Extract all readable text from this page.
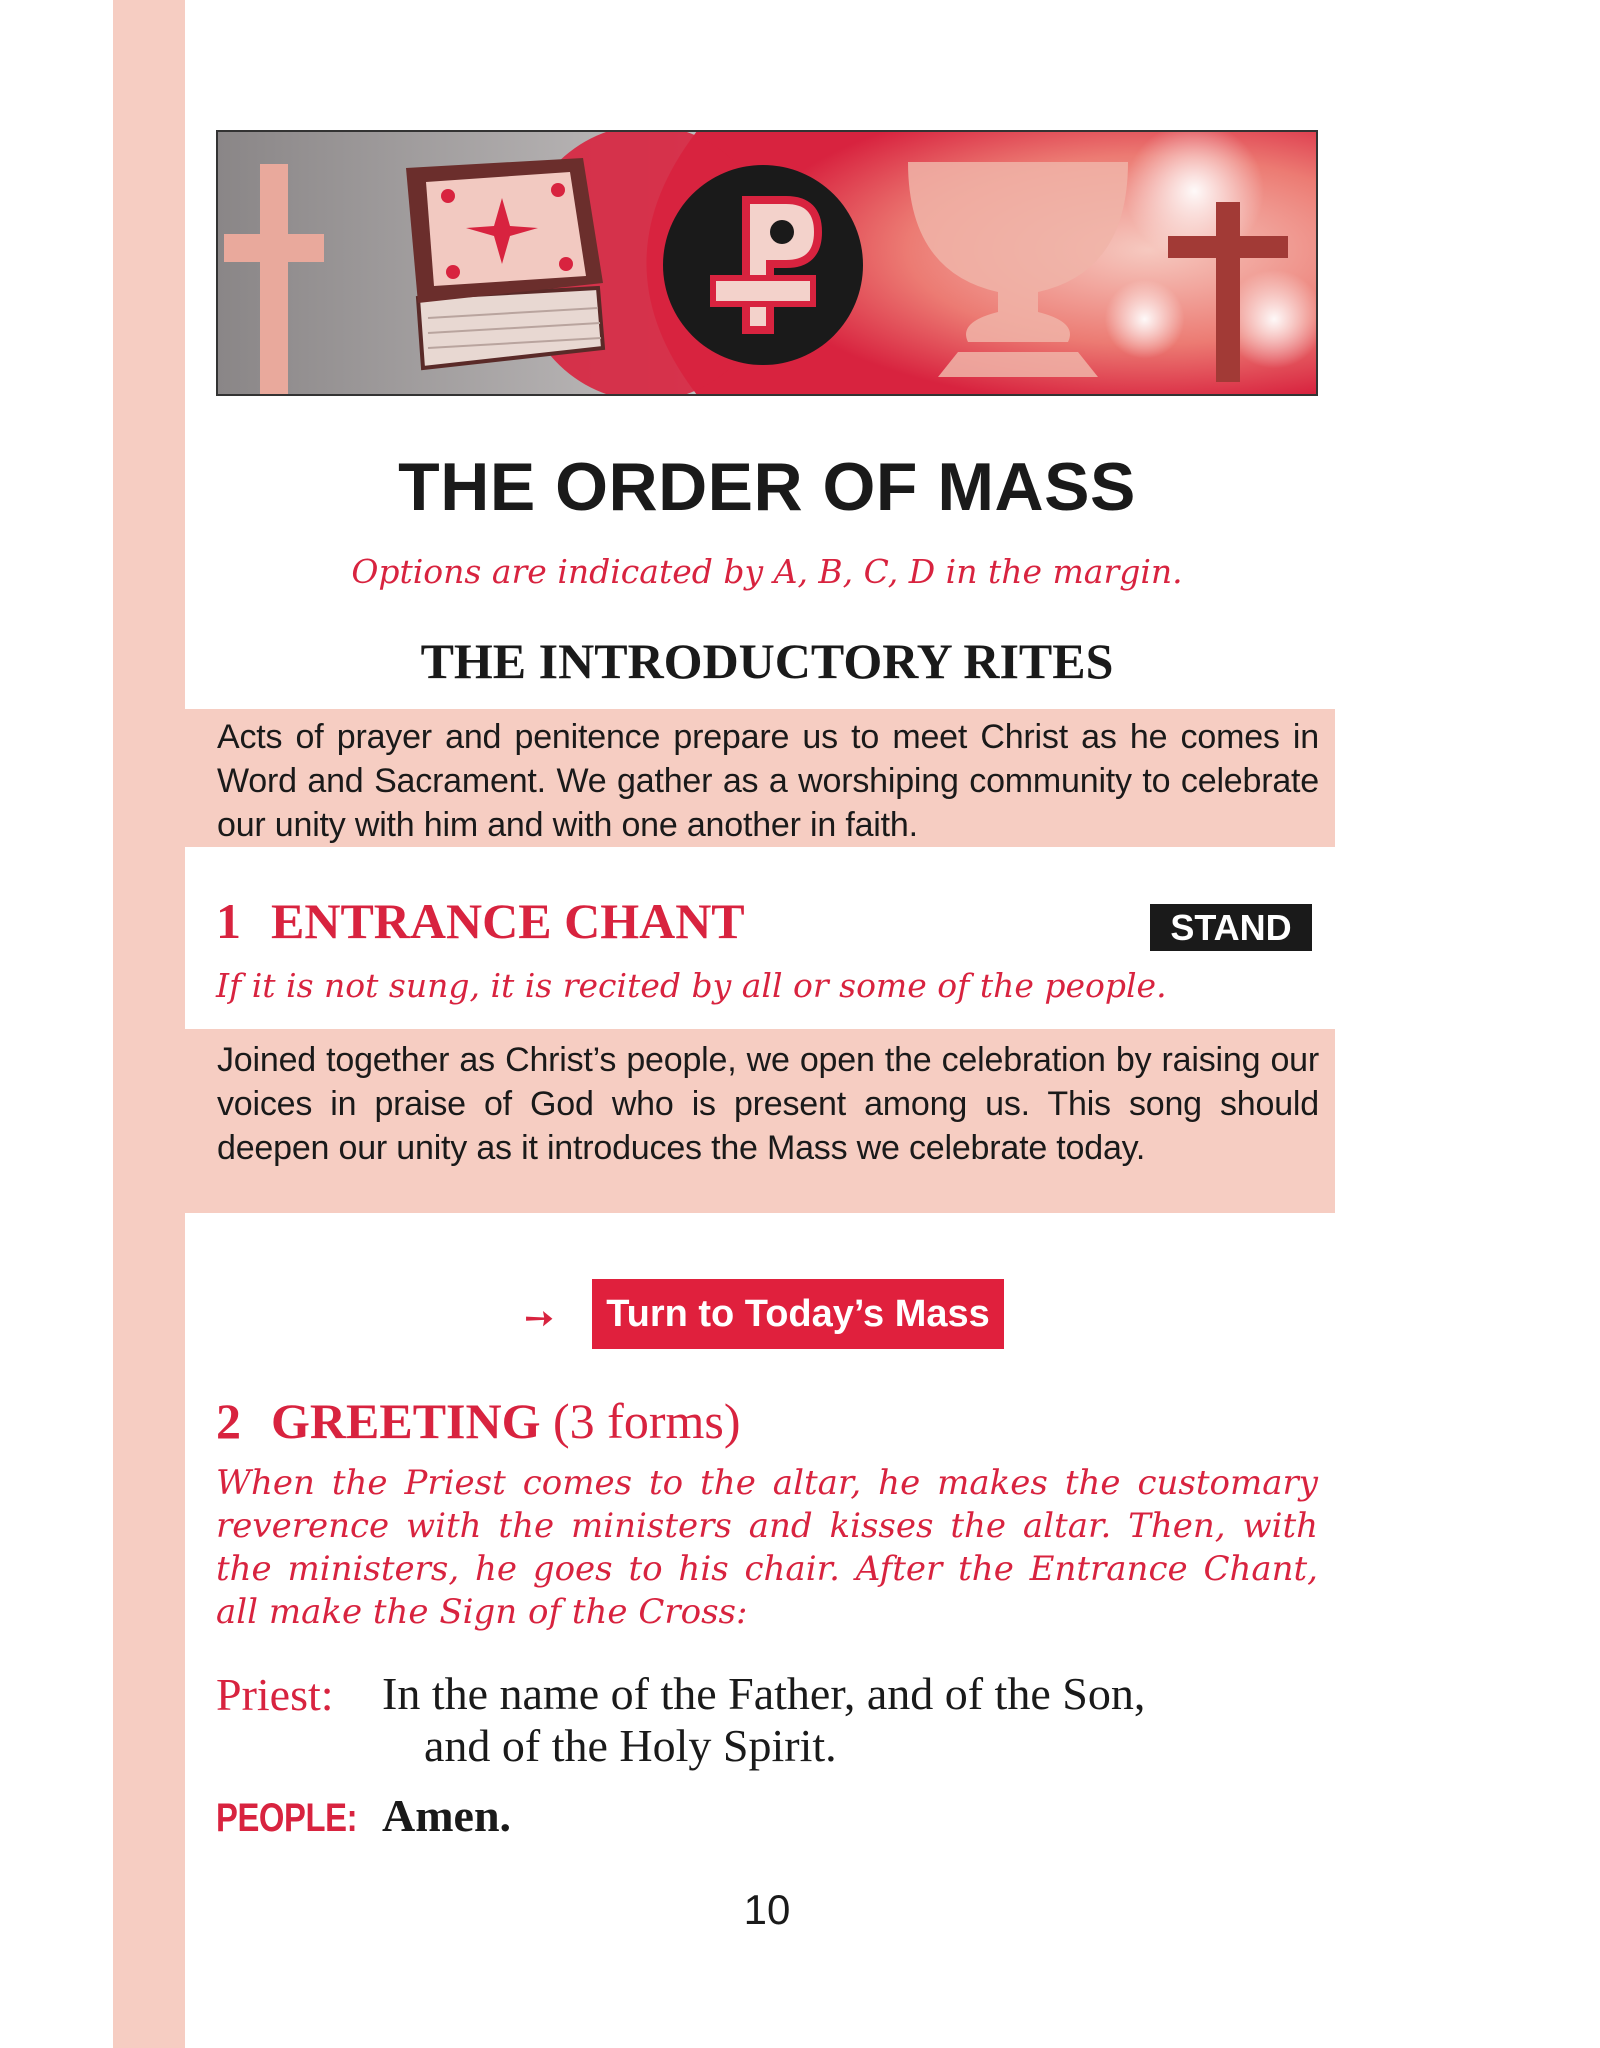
THE ORDER OF MASS
Options are indicated by A, B, C, D in the margin.
THE INTRODUCTORY RITES

Acts of prayer and penitence prepare us to meet Christ as he comes in Word and Sacrament. We gather as a worshiping community to celebrate our unity with him and with one another in faith.

1 ENTRANCE CHANT	STAND
If it is not sung, it is recited by all or some of the people.

Joined together as Christ’s people, we open the celebration by raising our voices in praise of God who is present among us. This song should deepen our unity as it introduces the Mass we celebrate today.

➙	Turn to Today’s Mass
2 GREETING (3 forms)
When the Priest comes to the altar, he makes the customary reverence with the ministers and kisses the altar. Then, with the ministers, he goes to his chair. After the Entrance Chant, all make the Sign of the Cross:
Priest: In the name of the Father, and of the Son,
and of the Holy Spirit.
PEOPLE: Amen.
10
